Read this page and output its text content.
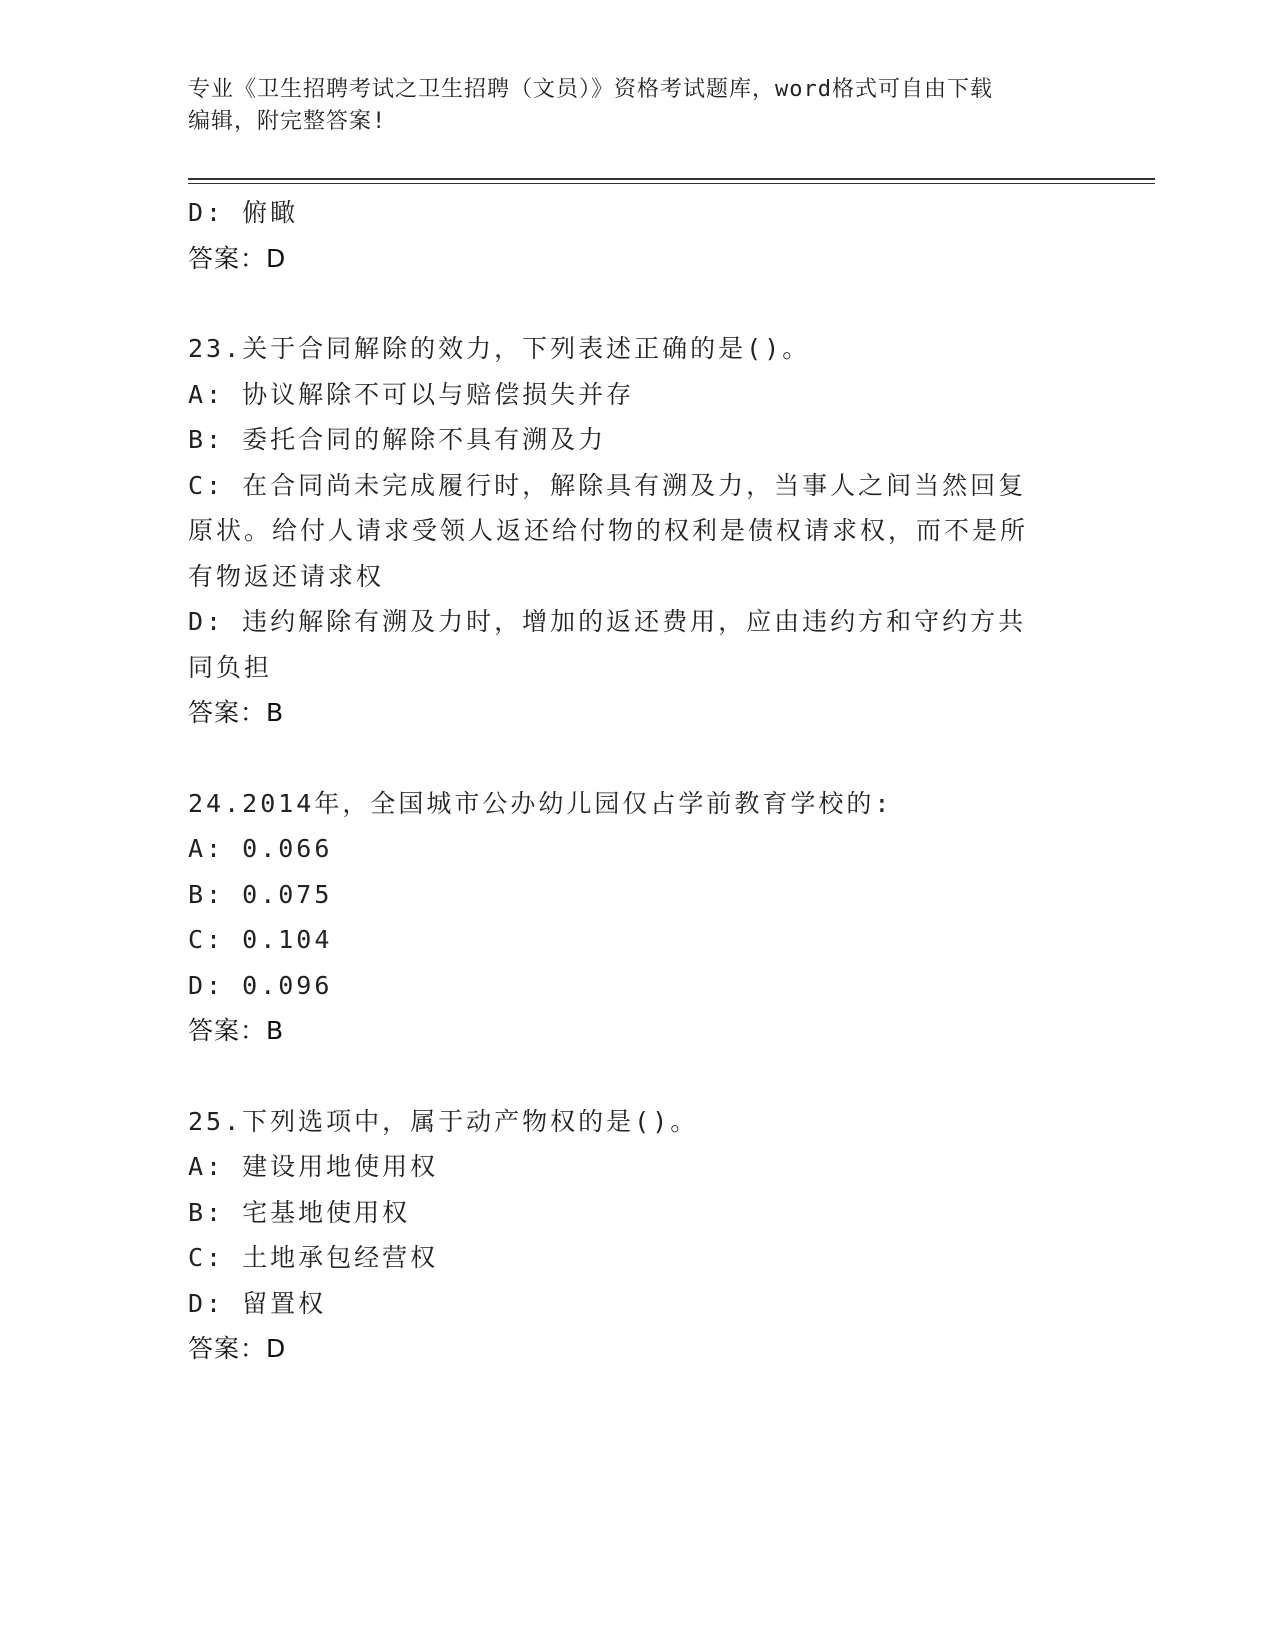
专业《卫生招聘考试之卫生招聘（文员）》资格考试题库，word格式可自由下载
编辑，附完整答案!
D: 俯瞰
答案：D
23.关于合同解除的效力，下列表述正确的是()。
A: 协议解除不可以与赔偿损失并存
B: 委托合同的解除不具有溯及力
C: 在合同尚未完成履行时，解除具有溯及力，当事人之间当然回复原状。给付人请求受领人返还给付物的权利是债权请求权，而不是所有物返还请求权
D: 违约解除有溯及力时，增加的返还费用，应由违约方和守约方共同负担
答案：B
24.2014年，全国城市公办幼儿园仅占学前教育学校的:
A: 0.066
B: 0.075
C: 0.104
D: 0.096
答案：B
25.下列选项中，属于动产物权的是()。
A: 建设用地使用权
B: 宅基地使用权
C: 土地承包经营权
D: 留置权
答案：D
